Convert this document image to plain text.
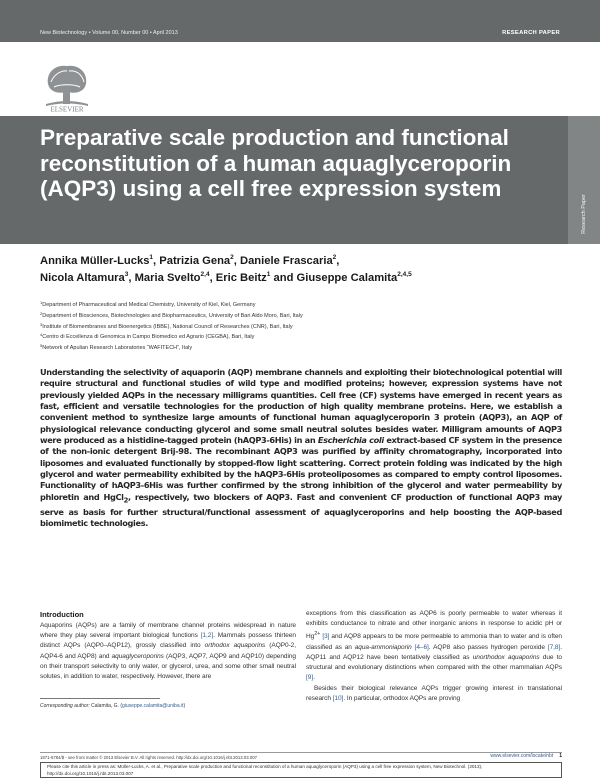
New Biotechnology • Volume 00, Number 00 • April 2013	RESEARCH PAPER
ELSEVIER
Preparative scale production and functional reconstitution of a human aquaglyceroporin (AQP3) using a cell free expression system
Research Paper
Annika Müller-Lucks$^1$, Patrizia Gena$^2$, Daniele Frascaria$^2$,
Nicola Altamura$^3$, Maria Svelto$^{2,4}$, Eric Beitz$^1$ and Giuseppe Calamita$^{2,4,5}$
$^1$Department of Pharmaceutical and Medical Chemistry, University of Kiel, Kiel, Germany
$^2$Department of Biosciences, Biotechnologies and Biopharmaceutics, University of Bari Aldo Moro, Bari, Italy
$^3$Institute of Biomembranes and Bioenergetics (IBBE), National Council of Researches (CNR), Bari, Italy
$^4$Centro di Eccellenza di Genomica in Campo Biomedico ed Agrario (CEGBA), Bari, Italy
$^5$Network of Apulian Research Laboratories “WAFITECH”, Italy

Understanding the selectivity of aquaporin (AQP) membrane channels and exploiting their biotechnological potential will require structural and functional studies of wild type and modified proteins; however, expression systems have not previously yielded AQPs in the necessary milligrams quantities. Cell free (CF) systems have emerged in recent years as fast, efficient and versatile technologies for the production of high quality membrane proteins. Here, we establish a convenient method to synthesize large amounts of functional human aquaglyceroporin 3 protein (AQP3), an AQP of physiological relevance conducting glycerol and some small neutral solutes besides water. Milligram amounts of AQP3 were produced as a histidine-tagged protein (hAQP3-6His) in an Escherichia coli extract-based CF system in the presence of the non-ionic detergent Brij-98. The recombinant AQP3 was purified by affinity chromatography, incorporated into liposomes and evaluated functionally by stopped-flow light scattering. Correct protein folding was indicated by the high glycerol and water permeability exhibited by the hAQP3-6His proteoliposomes as compared to empty control liposomes. Functionality of hAQP3-6His was further confirmed by the strong inhibition of the glycerol and water permeability by phloretin and HgCl$_2$, respectively, two blockers of AQP3. Fast and convenient CF production of functional AQP3 may serve as basis for further structural/functional assessment of aquaglyceroporins and help boosting the AQP-based biomimetic technologies.

Introduction

Aquaporins (AQPs) are a family of membrane channel proteins widespread in nature where they play several important biological functions [1,2]. Mammals possess thirteen distinct AQPs (AQP0–AQP12), grossly classified into orthodox aquaporins (AQP0-2, AQP4-6 and AQP8) and aquaglyceroporins (AQP3, AQP7, AQP9 and AQP10) depending on their transport selectivity to only water, or glycerol, urea, and some other small neutral solutes, in addition to water, respectively. However, there are

exceptions from this classification as AQP6 is poorly permeable to water whereas it exhibits conductance to nitrate and other inorganic anions in response to acidic pH or $Hg^{2+}$ [3] and AQP8 appears to be more permeable to ammonia than to water and is often classified as an aqua-ammoniaporin [4–6]. AQP8 also passes hydrogen peroxide [7,8]. AQP11 and AQP12 have been tentatively classified as unorthodox aquaporins due to structural and evolutionary distinctions when compared with the other mammalian AQPs [9].

Besides their biological relevance AQPs trigger growing interest in translational research [10]. In particular, orthodox AQPs are proving

Corresponding author: Calamita, G. (giuseppe.calamita@uniba.it)
1871-6784/$ - see front matter © 2013 Elsevier B.V. All rights reserved. http://dx.doi.org/10.1016/j.nbt.2013.03.007	www.elsevier.com/locate/nbt 1
Please cite this article in press as: Müller-Lucks, A. et al., Preparative scale production and functional reconstitution of a human aquaglyceroporin (AQP3) using a cell free expression system, New Biotechnol. (2013), http://dx.doi.org/10.1016/j.nbt.2013.03.007
